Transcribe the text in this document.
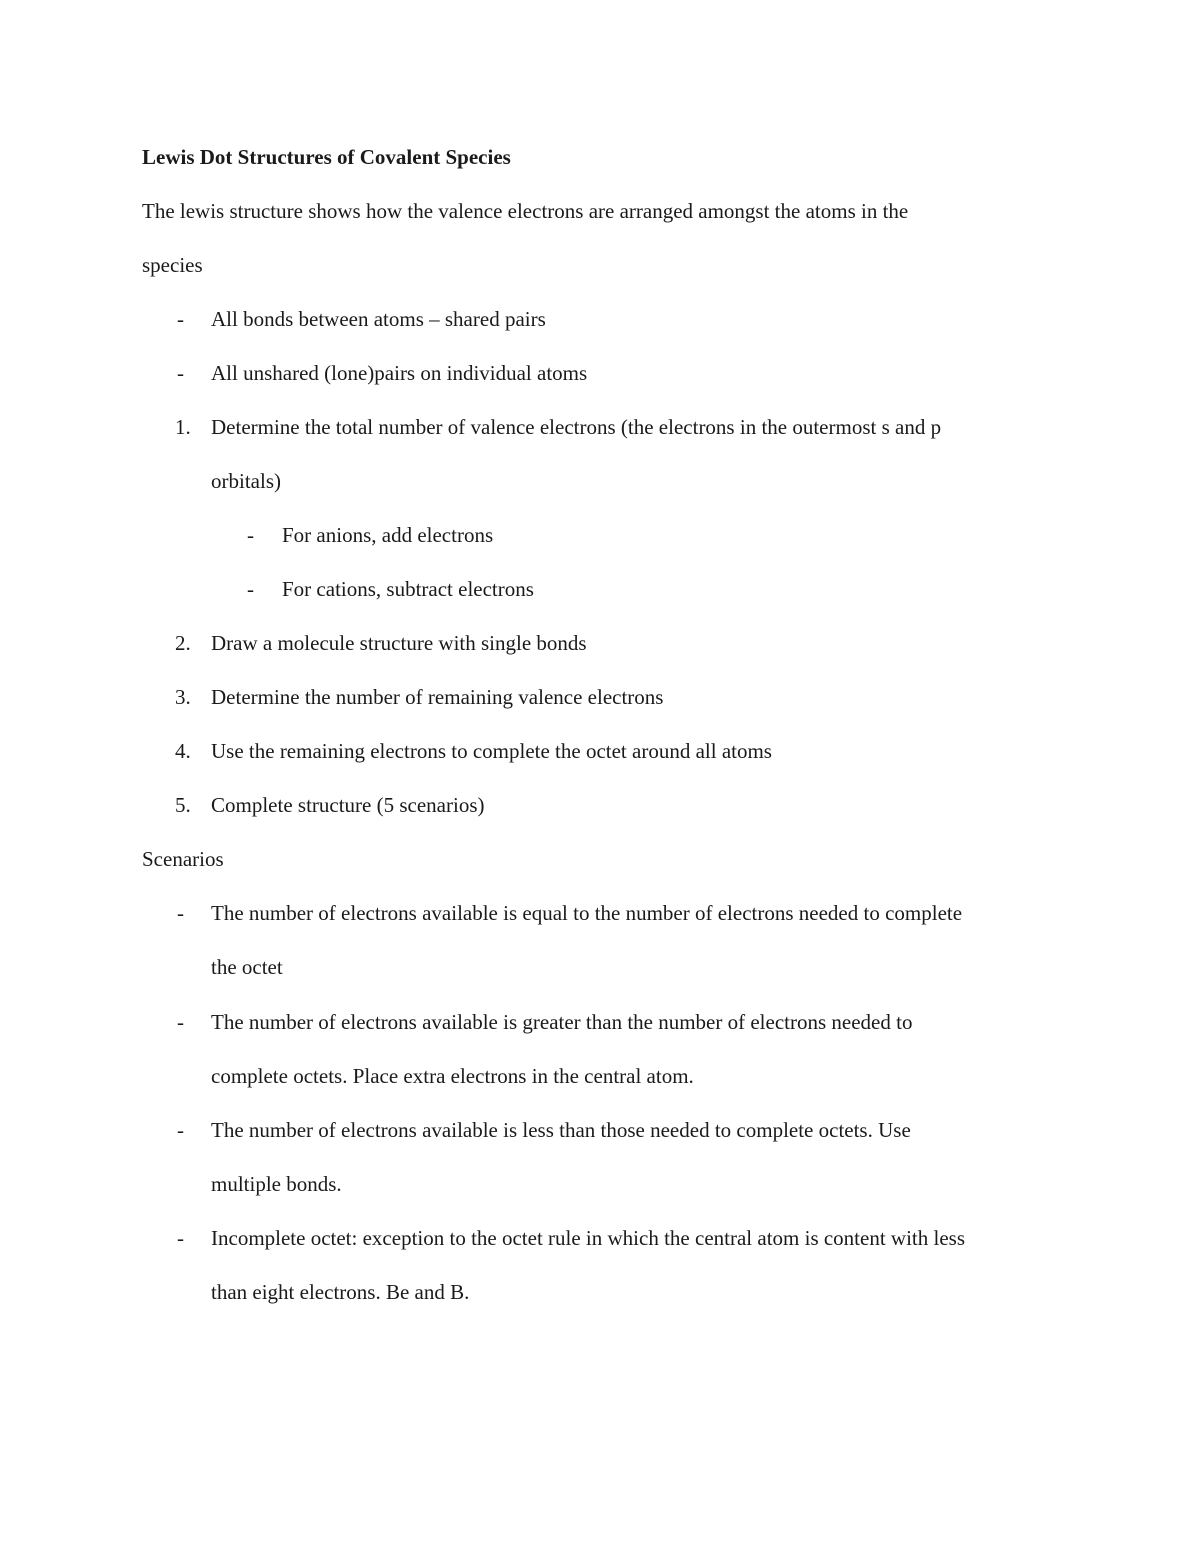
Lewis Dot Structures of Covalent Species
The lewis structure shows how the valence electrons are arranged amongst the atoms in the
species
- All bonds between atoms – shared pairs
- All unshared (lone)pairs on individual atoms
1. Determine the total number of valence electrons (the electrons in the outermost s and p
orbitals)
- For anions, add electrons
- For cations, subtract electrons
2. Draw a molecule structure with single bonds
3. Determine the number of remaining valence electrons
4. Use the remaining electrons to complete the octet around all atoms
5. Complete structure (5 scenarios)
Scenarios
- The number of electrons available is equal to the number of electrons needed to complete
the octet
- The number of electrons available is greater than the number of electrons needed to
complete octets. Place extra electrons in the central atom.
- The number of electrons available is less than those needed to complete octets. Use
multiple bonds.
- Incomplete octet: exception to the octet rule in which the central atom is content with less
than eight electrons. Be and B.
